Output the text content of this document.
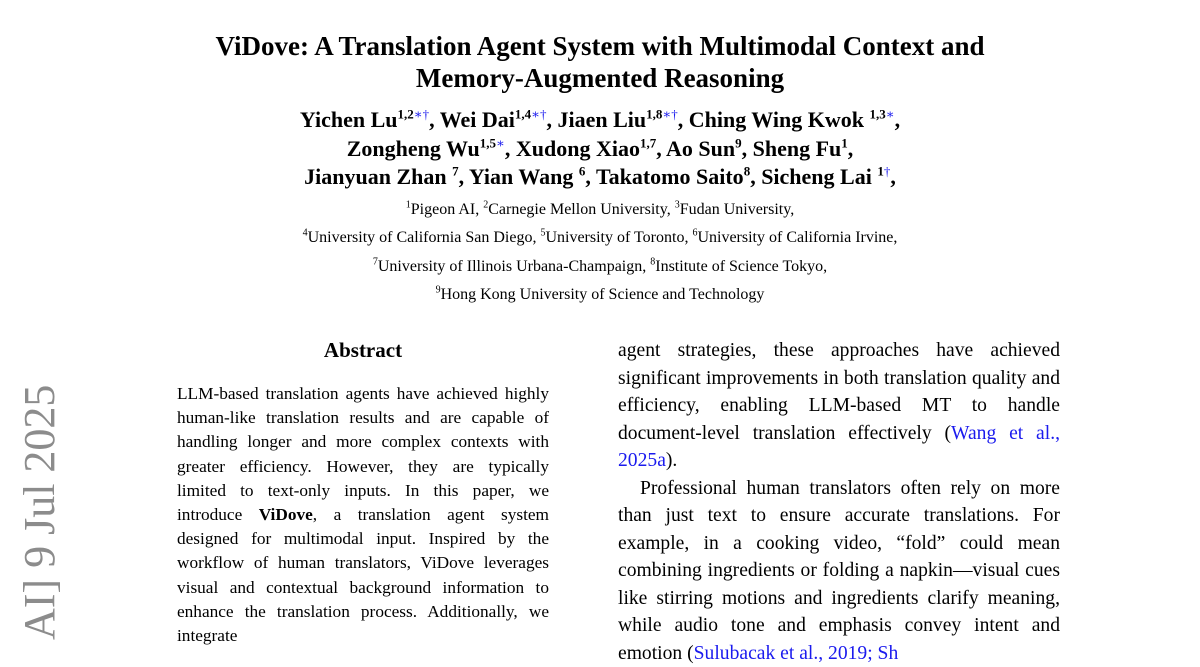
ViDove: A Translation Agent System with Multimodal Context and
Memory-Augmented Reasoning
Yichen $Lu^{1,2∗\dagger}$, Wei Dai$^{1,4∗\dagger}$, Jiaen Liu$^{1,8∗\dagger}$, Ching Wing Kwok $^{1,3∗}$,
Zongheng $Wu^{1,5∗}$, Xudong Xiao$^{1,7}$, Ao Sun$^9$, Sheng Fu$^1$,
Jianyuan Zhan $^7$, Yian Wang $^6$, Takatomo Saito$^8$, Sicheng Lai $^{1\dagger}$,
$^1$Pigeon AI, $^2$Carnegie Mellon University, $^3$Fudan University,
$^4$University of California San Diego, $^5$University of Toronto, $^6$University of California Irvine,
$^7$University of Illinois Urbana-Champaign, $^8$Institute of Science Tokyo,
$^9$Hong Kong University of Science and Technology
AI] 9 Jul 2025
Abstract
LLM-based translation agents have achieved highly human-like translation results and are capable of handling longer and more complex contexts with greater efficiency. However, they are typically limited to text-only inputs. In this paper, we introduce ViDove, a translation agent system designed for multimodal input. Inspired by the workflow of human translators, ViDove leverages visual and contextual background information to enhance the translation process. Additionally, we integrate

agent strategies, these approaches have achieved significant improvements in both translation quality and efficiency, enabling LLM-based MT to handle document-level translation effectively (Wang et al., 2025a).

Professional human translators often rely on more than just text to ensure accurate translations. For example, in a cooking video, “fold” could mean combining ingredients or folding a napkin—visual cues like stirring motions and ingredients clarify meaning, while audio tone and emphasis convey intent and emotion (Sulubacak et al., 2019; Sh
